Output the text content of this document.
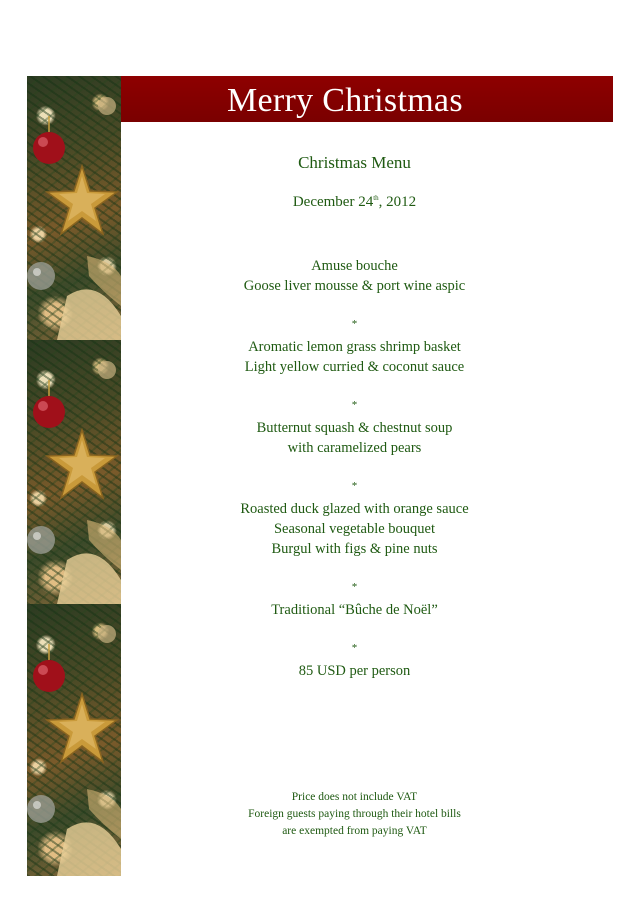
Merry Christmas
Christmas Menu
December 24th, 2012
Amuse bouche
Goose liver mousse & port wine aspic
*
Aromatic lemon grass shrimp basket
Light yellow curried & coconut sauce
*
Butternut squash & chestnut soup
with caramelized pears
*
Roasted duck glazed with orange sauce
Seasonal vegetable bouquet
Burgul with figs & pine nuts
*
Traditional “Bûche de Noël”
*
85 USD per person
Price does not include VAT
Foreign guests paying through their hotel bills
are exempted from paying VAT
